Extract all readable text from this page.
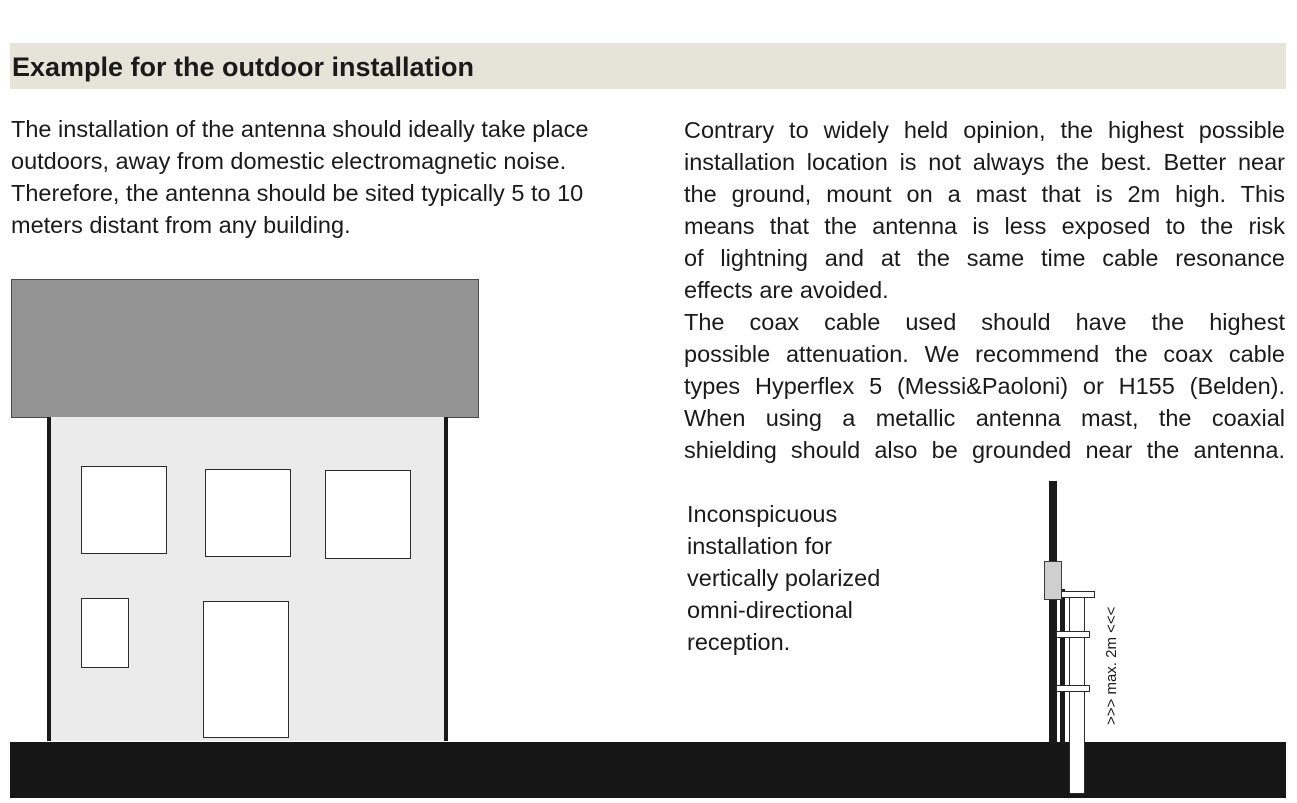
Example for the outdoor installation
The installation of the antenna should ideally take place
outdoors, away from domestic electromagnetic noise.
Therefore, the antenna should be sited typically 5 to 10
meters distant from any building.
Contrary to widely held opinion, the highest possible
installation location is not always the best. Better near
the ground, mount on a mast that is 2m high. This
means that the antenna is less exposed to the risk
of lightning and at the same time cable resonance
effects are avoided.
The coax cable used should have the highest
possible attenuation. We recommend the coax cable
types Hyperflex 5 (Messi&Paoloni) or H155 (Belden).
When using a metallic antenna mast, the coaxial
shielding should also be grounded near the antenna.
Inconspicuous
installation for
vertically polarized
omni-directional
reception.	>>> max. 2m <<<
